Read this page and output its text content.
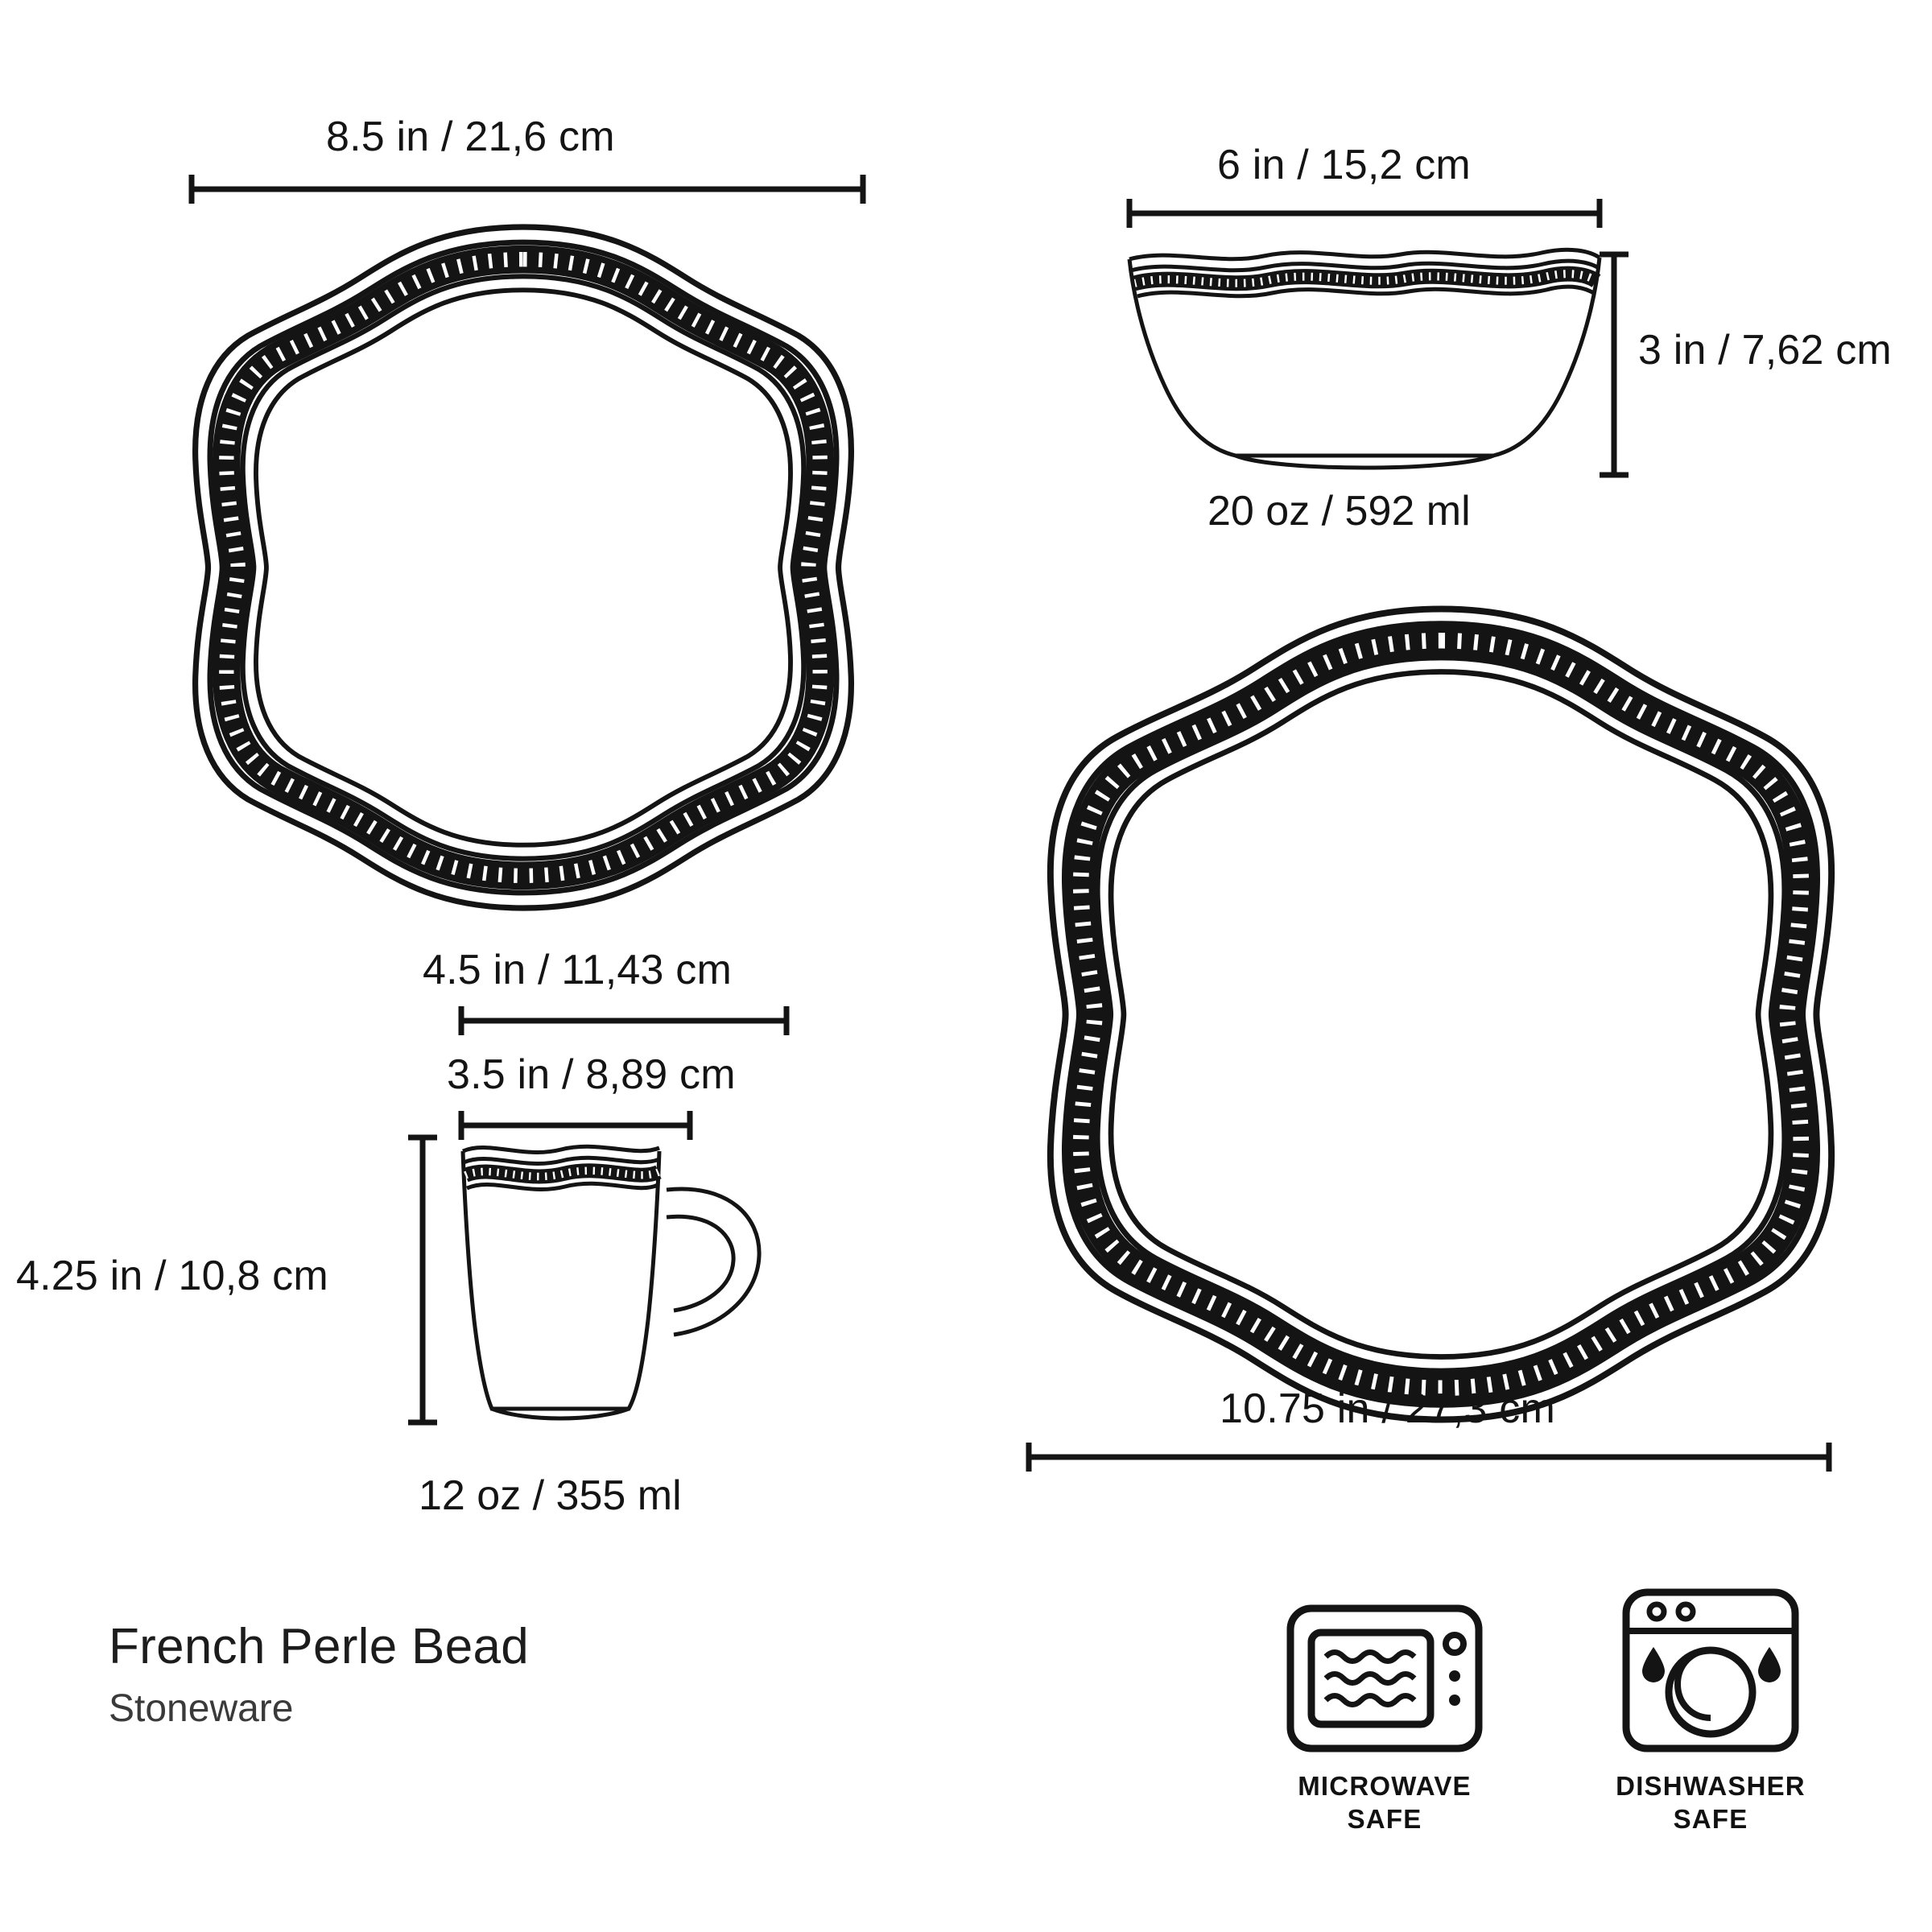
8.5 in / 21,6 cm
6 in / 15,2 cm
3 in / 7,62 cm
20 oz / 592 ml
4.5 in / 11,43 cm
3.5 in / 8,89 cm
4.25 in / 10,8 cm
12 oz / 355 ml
10.75 in / 27,3 cm
French Perle Bead
Stoneware
MICROWAVE
SAFE
DISHWASHER
SAFE
